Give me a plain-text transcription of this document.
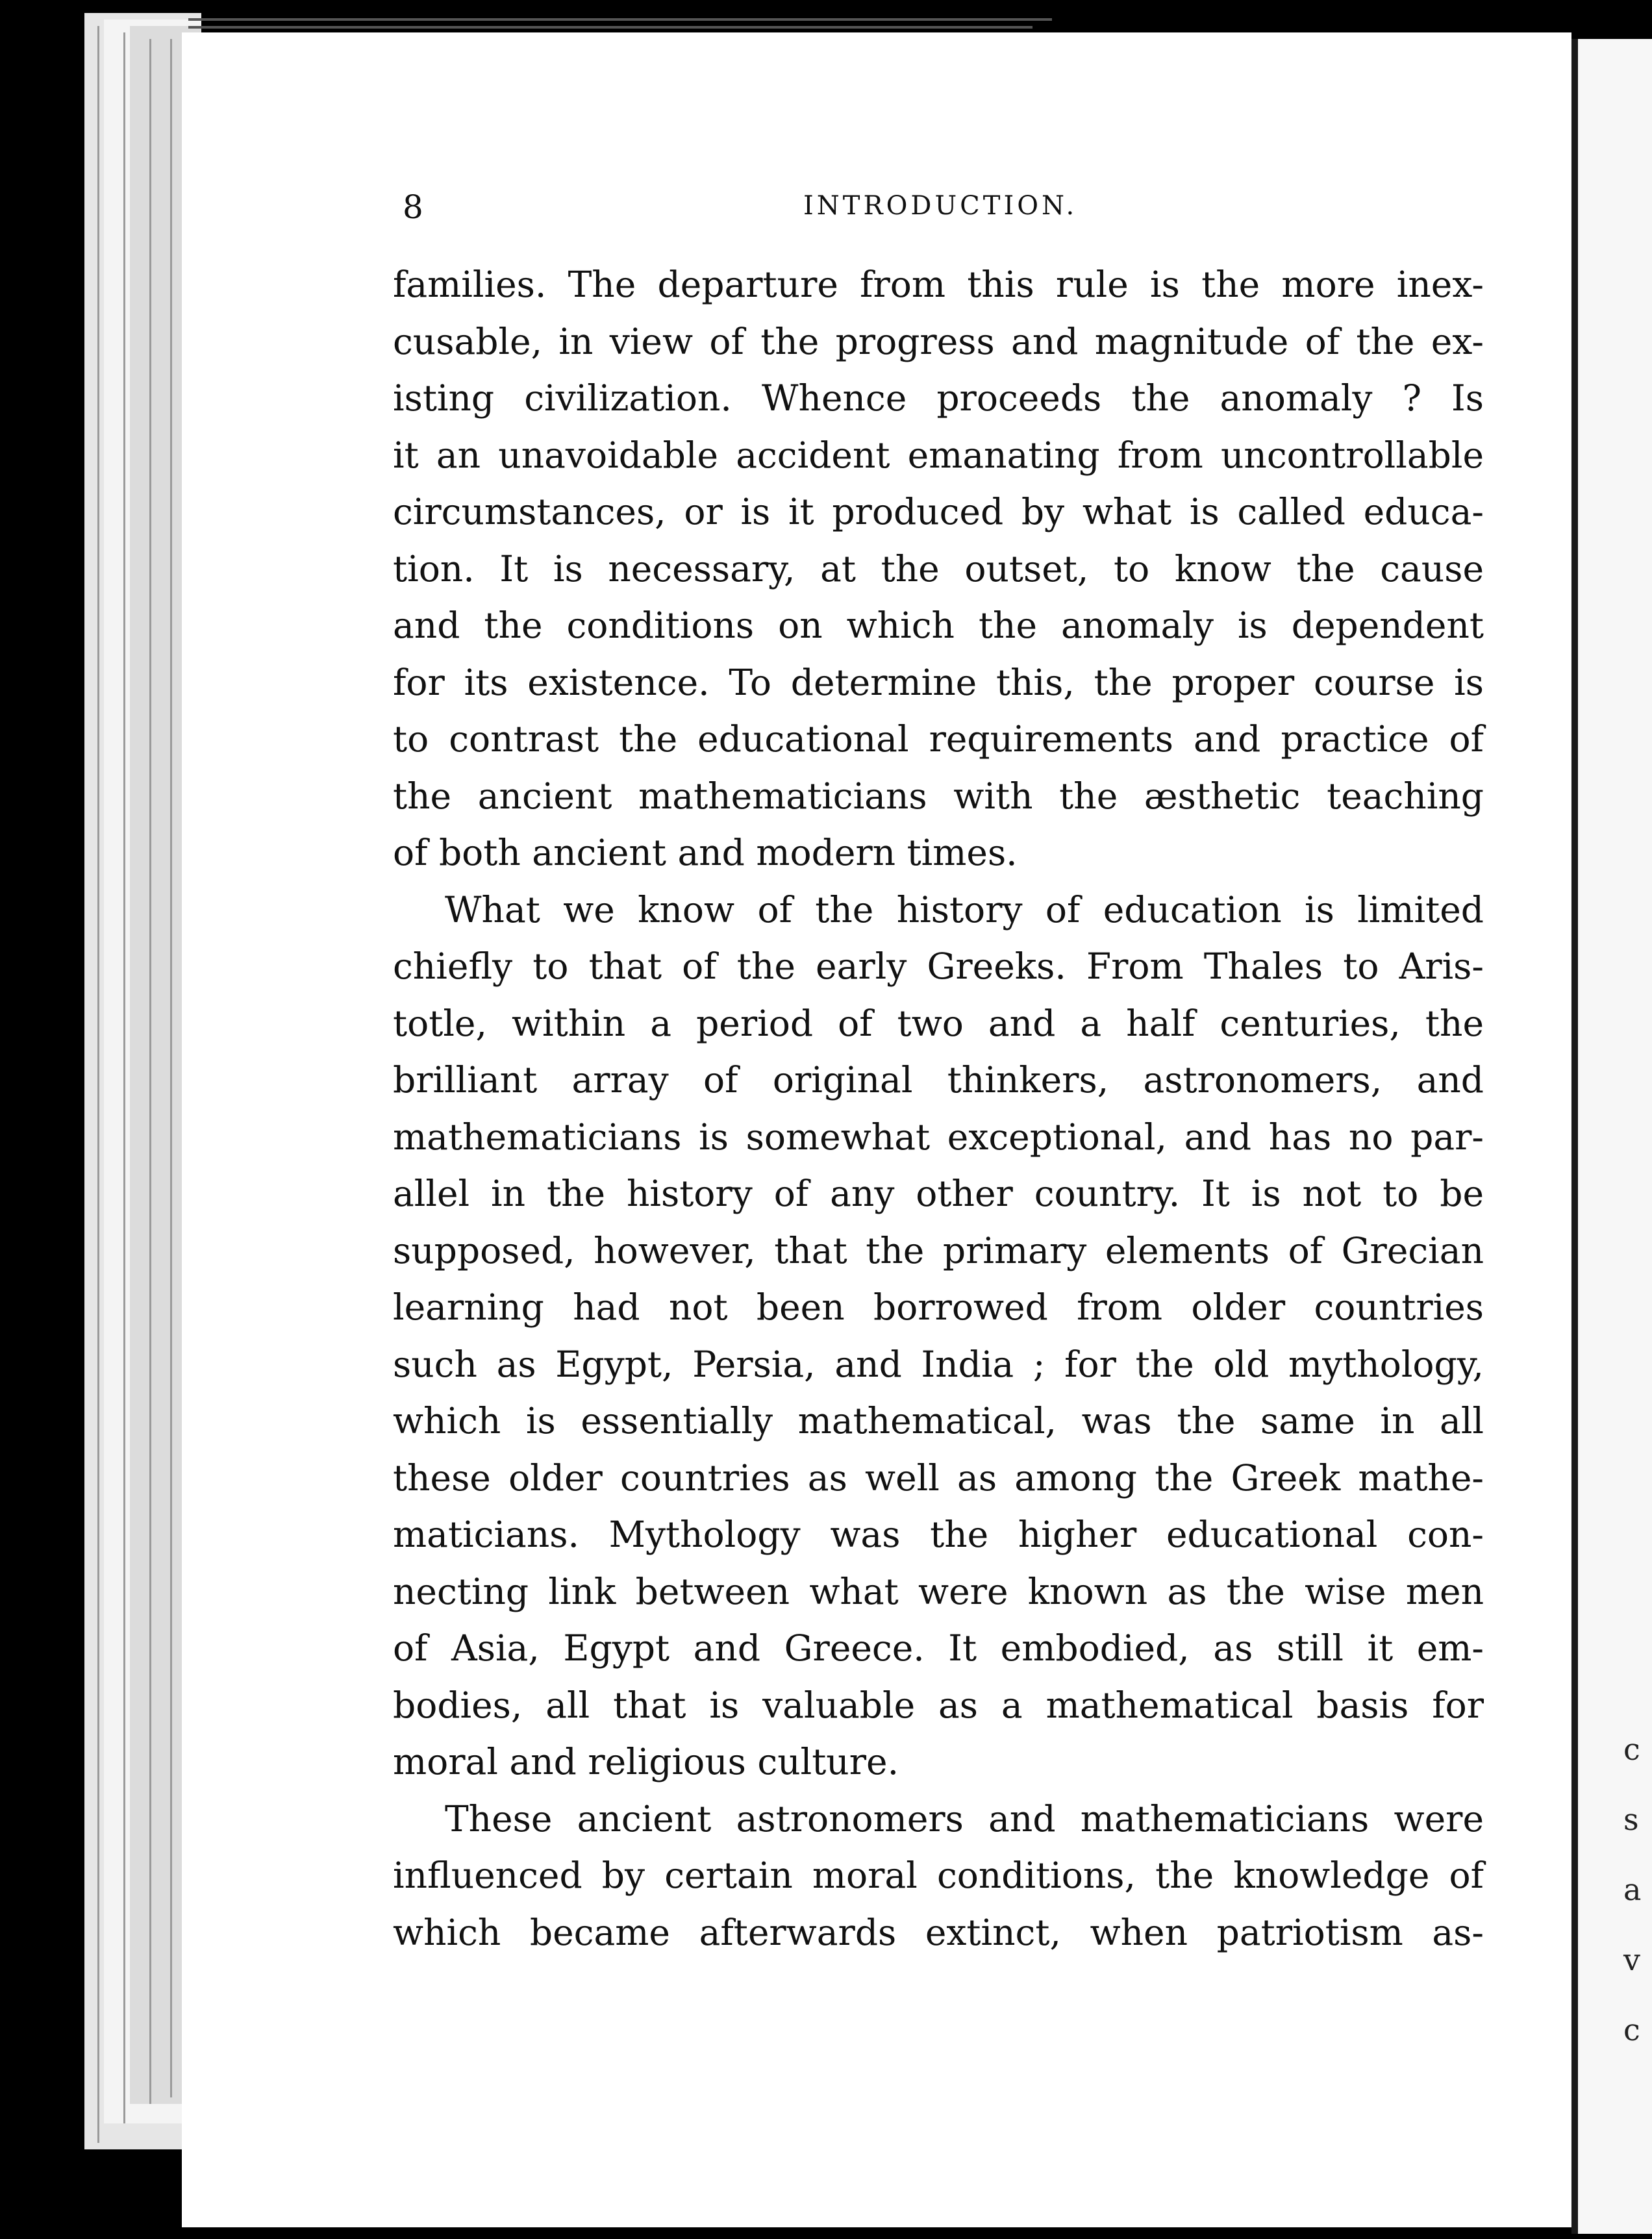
c
s
a
v
c
8	INTRODUCTION.

families. The departure from this rule is the more inex-

cusable, in view of the progress and magnitude of the ex-

isting civilization. Whence proceeds the anomaly ? Is

it an unavoidable accident emanating from uncontrollable

circumstances, or is it produced by what is called educa-

tion. It is necessary, at the outset, to know the cause

and the conditions on which the anomaly is dependent

for its existence. To determine this, the proper course is

to contrast the educational requirements and practice of

the ancient mathematicians with the æsthetic teaching

of both ancient and modern times.

What we know of the history of education is limited

chiefly to that of the early Greeks. From Thales to Aris-

totle, within a period of two and a half centuries, the

brilliant array of original thinkers, astronomers, and

mathematicians is somewhat exceptional, and has no par-

allel in the history of any other country. It is not to be

supposed, however, that the primary elements of Grecian

learning had not been borrowed from older countries

such as Egypt, Persia, and India ; for the old mythology,

which is essentially mathematical, was the same in all

these older countries as well as among the Greek mathe-

maticians. Mythology was the higher educational con-

necting link between what were known as the wise men

of Asia, Egypt and Greece. It embodied, as still it em-

bodies, all that is valuable as a mathematical basis for

moral and religious culture.

These ancient astronomers and mathematicians were

influenced by certain moral conditions, the knowledge of

which became afterwards extinct, when patriotism as-
